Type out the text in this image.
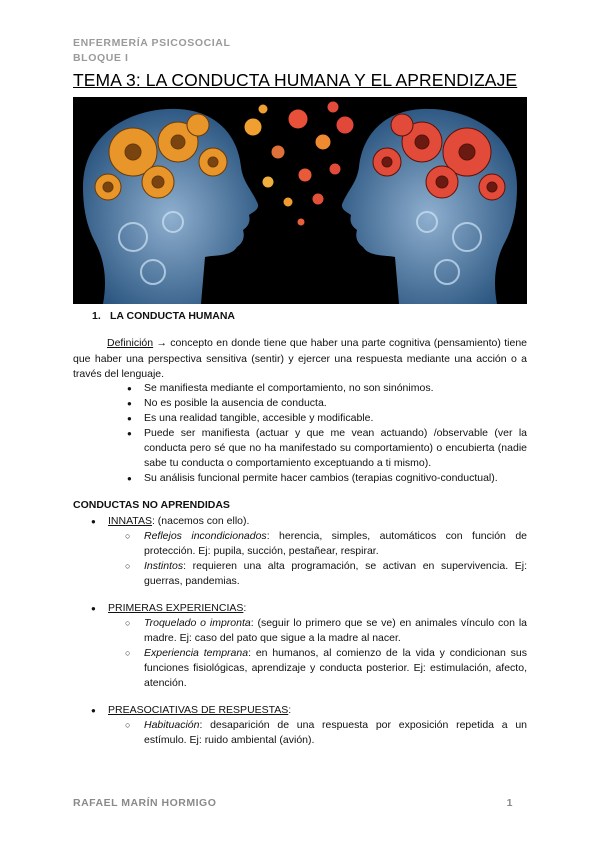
ENFERMERÍA PSICOSOCIAL
BLOQUE I
TEMA 3: LA CONDUCTA HUMANA Y EL APRENDIZAJE
1. LA CONDUCTA HUMANA
Definición → concepto en donde tiene que haber una parte cognitiva (pensamiento) tiene que haber una perspectiva sensitiva (sentir) y ejercer una respuesta mediante una acción o a través del lenguaje.
● Se manifiesta mediante el comportamiento, no son sinónimos.
● No es posible la ausencia de conducta.
● Es una realidad tangible, accesible y modificable.
● Puede ser manifiesta (actuar y que me vean actuando) /observable (ver la conducta pero sé que no ha manifestado su comportamiento) o encubierta (nadie sabe tu conducta o comportamiento exceptuando a ti mismo).
● Su análisis funcional permite hacer cambios (terapias cognitivo-conductual).
CONDUCTAS NO APRENDIDAS
● INNATAS: (nacemos con ello).
○ Reflejos incondicionados: herencia, simples, automáticos con función de protección. Ej: pupila, succión, pestañear, respirar.
○ Instintos: requieren una alta programación, se activan en supervivencia. Ej: guerras, pandemias.
● PRIMERAS EXPERIENCIAS:
○ Troquelado o impronta: (seguir lo primero que se ve) en animales vínculo con la madre. Ej: caso del pato que sigue a la madre al nacer.
○ Experiencia temprana: en humanos, al comienzo de la vida y condicionan sus funciones fisiológicas, aprendizaje y conducta posterior. Ej: estimulación, afecto, atención.
● PREASOCIATIVAS DE RESPUESTAS:
○ Habituación: desaparición de una respuesta por exposición repetida a un estímulo. Ej: ruido ambiental (avión).
RAFAEL MARÍN HORMIGO	1
